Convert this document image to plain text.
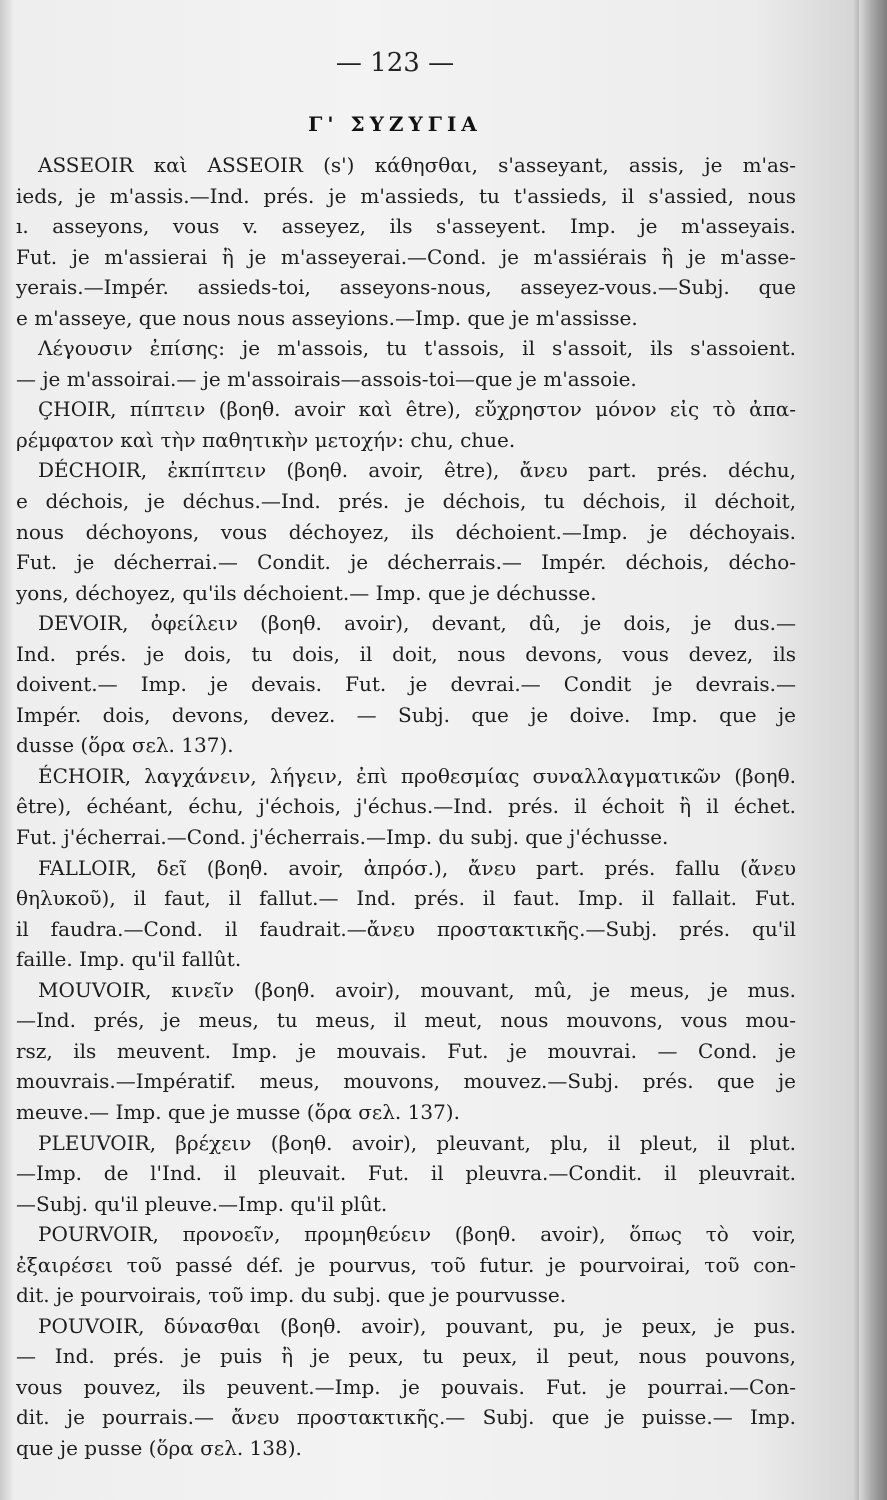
— 123 —
Γ' ΣΥΖΥΓΙΑ
ASSEOIR καὶ ASSEOIR (s') κάθησθαι, s'asseyant, assis, je m'as-
ieds, je m'assis.—Ind. prés. je m'assieds, tu t'assieds, il s'assied, nous
ı. asseyons, vous v. asseyez, ils s'asseyent. Imp. je m'asseyais.
Fut. je m'assierai ἢ je m'asseyerai.—Cond. je m'assiérais ἢ je m'asse-
yerais.—Impér. assieds-toi, asseyons-nous, asseyez-vous.—Subj. que
e m'asseye, que nous nous asseyions.—Imp. que je m'assisse.
Λέγουσιν ἐπίσης: je m'assois, tu t'assois, il s'assoit, ils s'assoient.
— je m'assoirai.— je m'assoirais—assois-toi—que je m'assoie.
ÇHOIR, πίπτειν (βοηθ. avoir καὶ être), εὔχρηστον μόνον εἰς τὸ ἀπα-
ρέμφατον καὶ τὴν παθητικὴν μετοχήν: chu, chue.
DÉCHOIR, ἐκπίπτειν (βοηθ. avoir, être), ἄνευ part. prés. déchu,
e déchois, je déchus.—Ind. prés. je déchois, tu déchois, il déchoit,
nous déchoyons, vous déchoyez, ils déchoient.—Imp. je déchoyais.
Fut. je décherrai.— Condit. je décherrais.— Impér. déchois, décho-
yons, déchoyez, qu'ils déchoient.— Imp. que je déchusse.
DEVOIR, ὀφείλειν (βοηθ. avoir), devant, dû, je dois, je dus.—
Ind. prés. je dois, tu dois, il doit, nous devons, vous devez, ils
doivent.— Imp. je devais. Fut. je devrai.— Condit je devrais.—
Impér. dois, devons, devez. — Subj. que je doive. Imp. que je
dusse (ὅρα σελ. 137).
ÉCHOIR, λαγχάνειν, λήγειν, ἐπὶ προθεσμίας συναλλαγματικῶν (βοηθ.
être), échéant, échu, j'échois, j'échus.—Ind. prés. il échoit ἢ il échet.
Fut. j'écherrai.—Cond. j'écherrais.—Imp. du subj. que j'échusse.
FALLOIR, δεῖ (βοηθ. avoir, ἀπρόσ.), ἄνευ part. prés. fallu (ἄνευ
θηλυκοῦ), il faut, il fallut.— Ind. prés. il faut. Imp. il fallait. Fut.
il faudra.—Cond. il faudrait.—ἄνευ προστακτικῆς.—Subj. prés. qu'il
faille. Imp. qu'il fallût.
MOUVOIR, κινεῖν (βοηθ. avoir), mouvant, mû, je meus, je mus.
—Ind. prés, je meus, tu meus, il meut, nous mouvons, vous mou-
rsz, ils meuvent. Imp. je mouvais. Fut. je mouvrai. — Cond. je
mouvrais.—Impératif. meus, mouvons, mouvez.—Subj. prés. que je
meuve.— Imp. que je musse (ὅρα σελ. 137).
PLEUVOIR, βρέχειν (βοηθ. avoir), pleuvant, plu, il pleut, il plut.
—Imp. de l'Ind. il pleuvait. Fut. il pleuvra.—Condit. il pleuvrait.
—Subj. qu'il pleuve.—Imp. qu'il plût.
POURVOIR, προνοεῖν, προμηθεύειν (βοηθ. avoir), ὅπως τὸ voir,
ἐξαιρέσει τοῦ passé déf. je pourvus, τοῦ futur. je pourvoirai, τοῦ con-
dit. je pourvoirais, τοῦ imp. du subj. que je pourvusse.
POUVOIR, δύνασθαι (βοηθ. avoir), pouvant, pu, je peux, je pus.
— Ind. prés. je puis ἢ je peux, tu peux, il peut, nous pouvons,
vous pouvez, ils peuvent.—Imp. je pouvais. Fut. je pourrai.—Con-
dit. je pourrais.— ἄνευ προστακτικῆς.— Subj. que je puisse.— Imp.
que je pusse (ὅρα σελ. 138).
